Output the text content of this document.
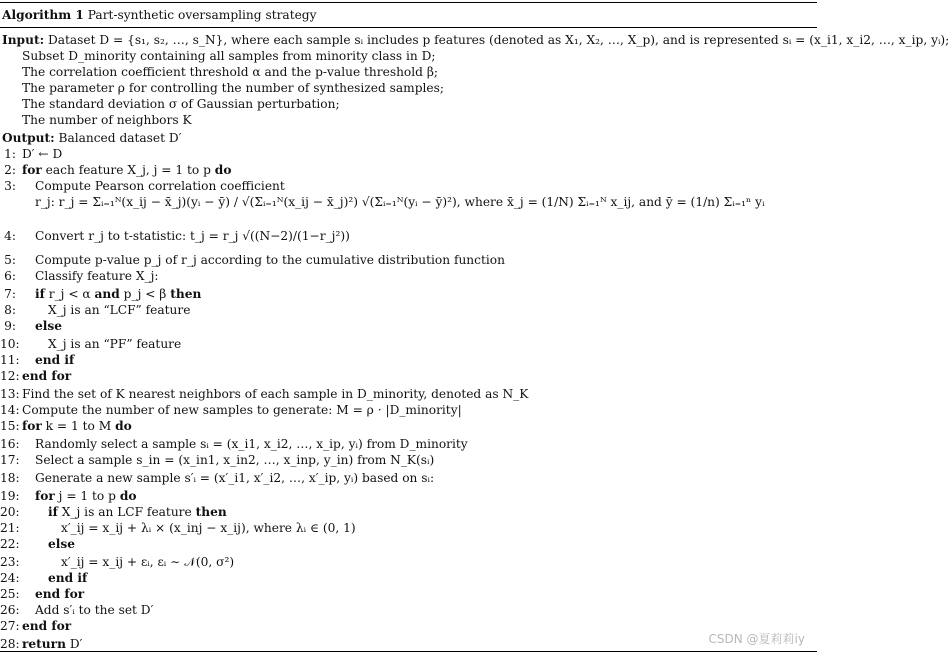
Algorithm 1 Part-synthetic oversampling strategy
Input: Dataset D = {s₁, s₂, …, s_N}, where each sample sᵢ includes p features (denoted as X₁, X₂, …, X_p), and is represented sᵢ = (x_i1, x_i2, …, x_ip, yᵢ);
Subset D_minority containing all samples from minority class in D;
The correlation coefficient threshold α and the p-value threshold β;
The parameter ρ for controlling the number of synthesized samples;
The standard deviation σ of Gaussian perturbation;
The number of neighbors K
Output: Balanced dataset D′
1: D′ ← D
2: for each feature X_j, j = 1 to p do
3: Compute Pearson correlation coefficient
r_j: r_j = Σᵢ₌₁ᴺ(x_ij − x̄_j)(yᵢ − ȳ) / √(Σᵢ₌₁ᴺ(x_ij − x̄_j)²) √(Σᵢ₌₁ᴺ(yᵢ − ȳ)²), where x̄_j = (1/N) Σᵢ₌₁ᴺ x_ij, and ȳ = (1/n) Σᵢ₌₁ⁿ yᵢ
4: Convert r_j to t-statistic: t_j = r_j √((N−2)/(1−r_j²))
5: Compute p-value p_j of r_j according to the cumulative distribution function
6: Classify feature X_j:
7: if r_j < α and p_j < β then
8:	X_j is an “LCF” feature
9: else
10: X_j is an “PF” feature
11: end if
12: end for
13: Find the set of K nearest neighbors of each sample in D_minority, denoted as N_K
14: Compute the number of new samples to generate: M = ρ · |D_minority|
15: for k = 1 to M do
16: Randomly select a sample sᵢ = (x_i1, x_i2, …, x_ip, yᵢ) from D_minority
17: Select a sample s_in = (x_in1, x_in2, …, x_inp, y_in) from N_K(sᵢ)
18: Generate a new sample s′ᵢ = (x′_i1, x′_i2, …, x′_ip, yᵢ) based on sᵢ:
19: for j = 1 to p do
20: if X_j is an LCF feature then
21:	x′_ij = x_ij + λᵢ × (x_inj − x_ij), where λᵢ ∈ (0, 1)
22: else
23:	x′_ij = x_ij + εᵢ, εᵢ ∼ 𝒩(0, σ²)
24: end if
25: end for
26: Add s′ᵢ to the set D′
27: end for
28: return D′	CSDN @夏莉莉iy
